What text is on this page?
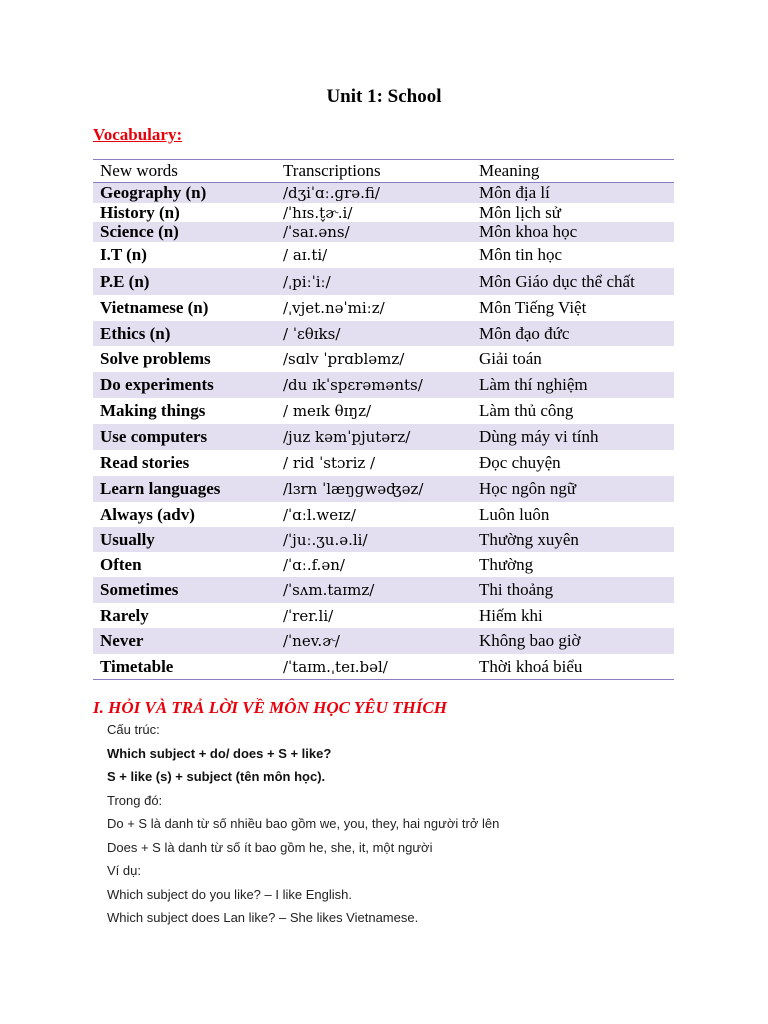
Unit 1: School
Vocabulary:
New words	Transcriptions	Meaning
Geography (n)	/dʒiˈɑː.ɡrə.fi/	Môn địa lí
History (n)	/ˈhɪs.t̬ɚ.i/	Môn lịch sử
Science (n)	/ˈsaɪ.əns/	Môn khoa học
I.T (n)	/ aɪ.ti/	Môn tin học
P.E (n)	/ˌpiːˈiː/	Môn Giáo dục thể chất
Vietnamese (n)	/ˌvjet.nəˈmiːz/	Môn Tiếng Việt
Ethics (n)	/ ˈɛθɪks/	Môn đạo đức
Solve problems	/sɑlv ˈprɑbləmz/	Giải toán
Do experiments	/du ɪkˈspɛrəmənts/	Làm thí nghiệm
Making things	/ meɪk θɪŋz/	Làm thủ công
Use computers	/juz kəmˈpjutərz/	Dùng máy vi tính
Read stories	/ rid ˈstɔriz /	Đọc chuyện
Learn languages	/lɜrn ˈlæŋɡwəʤəz/	Học ngôn ngữ
Always (adv)	/ˈɑːl.weɪz/	Luôn luôn
Usually	/ˈjuː.ʒu.ə.li/	Thường xuyên
Often	/ˈɑː.f.ən/	Thường
Sometimes	/ˈsʌm.taɪmz/	Thi thoảng
Rarely	/ˈrer.li/	Hiếm khi
Never	/ˈnev.ɚ/	Không bao giờ
Timetable	/ˈtaɪm.ˌteɪ.bəl/	Thời khoá biểu
I. HỎI VÀ TRẢ LỜI VỀ MÔN HỌC YÊU THÍCH
Cấu trúc:
Which subject + do/ does + S + like?
S + like (s) + subject (tên môn học).
Trong đó:
Do + S là danh từ số nhiều bao gồm we, you, they, hai người trở lên
Does + S là danh từ số ít bao gồm he, she, it, một người
Ví dụ:
Which subject do you like? – I like English.
Which subject does Lan like? – She likes Vietnamese.
